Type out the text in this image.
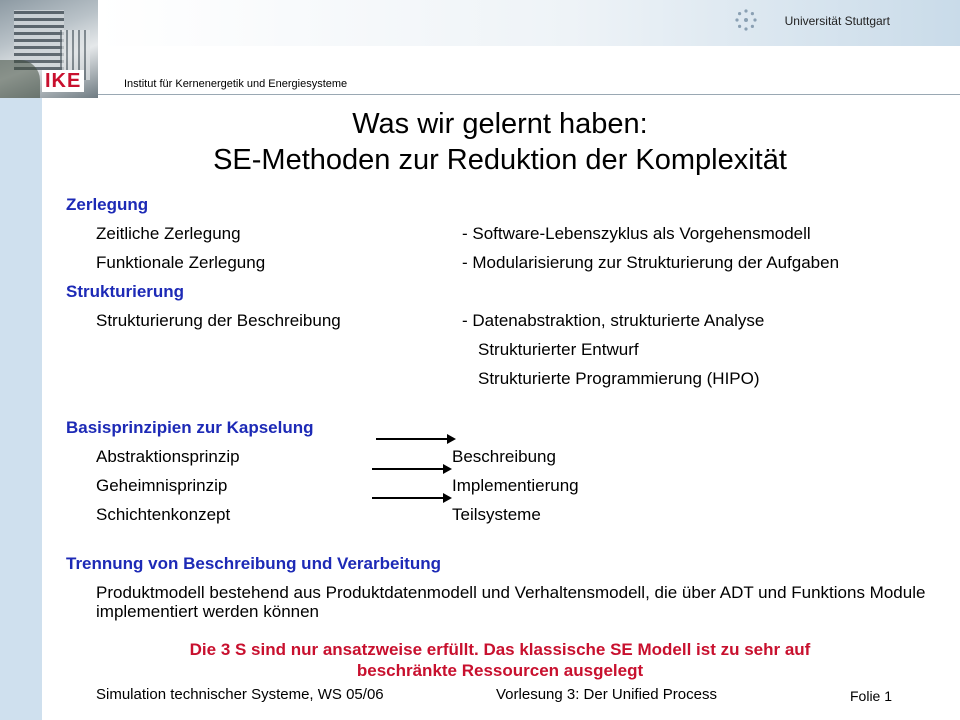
IKE
Universität Stuttgart
Institut für Kernenergetik und Energiesysteme
Was wir gelernt haben:
SE-Methoden zur Reduktion der Komplexität
Zerlegung
Zeitliche Zerlegung	- Software-Lebenszyklus als Vorgehensmodell
Funktionale Zerlegung	- Modularisierung zur Strukturierung der Aufgaben
Strukturierung
Strukturierung der Beschreibung	- Datenabstraktion, strukturierte Analyse
Strukturierter Entwurf
Strukturierte Programmierung (HIPO)
Basisprinzipien zur Kapselung
Abstraktionsprinzip	Beschreibung
Geheimnisprinzip	Implementierung
Schichtenkonzept	Teilsysteme
Trennung von Beschreibung und Verarbeitung
Produktmodell bestehend aus Produktdatenmodell und Verhaltensmodell, die über ADT und Funktions Module implementiert werden können
Die 3 S sind nur ansatzweise erfüllt. Das klassische SE Modell ist zu sehr auf
beschränkte Ressourcen ausgelegt
Simulation technischer Systeme, WS 05/06	Vorlesung 3: Der Unified Process	Folie 1
